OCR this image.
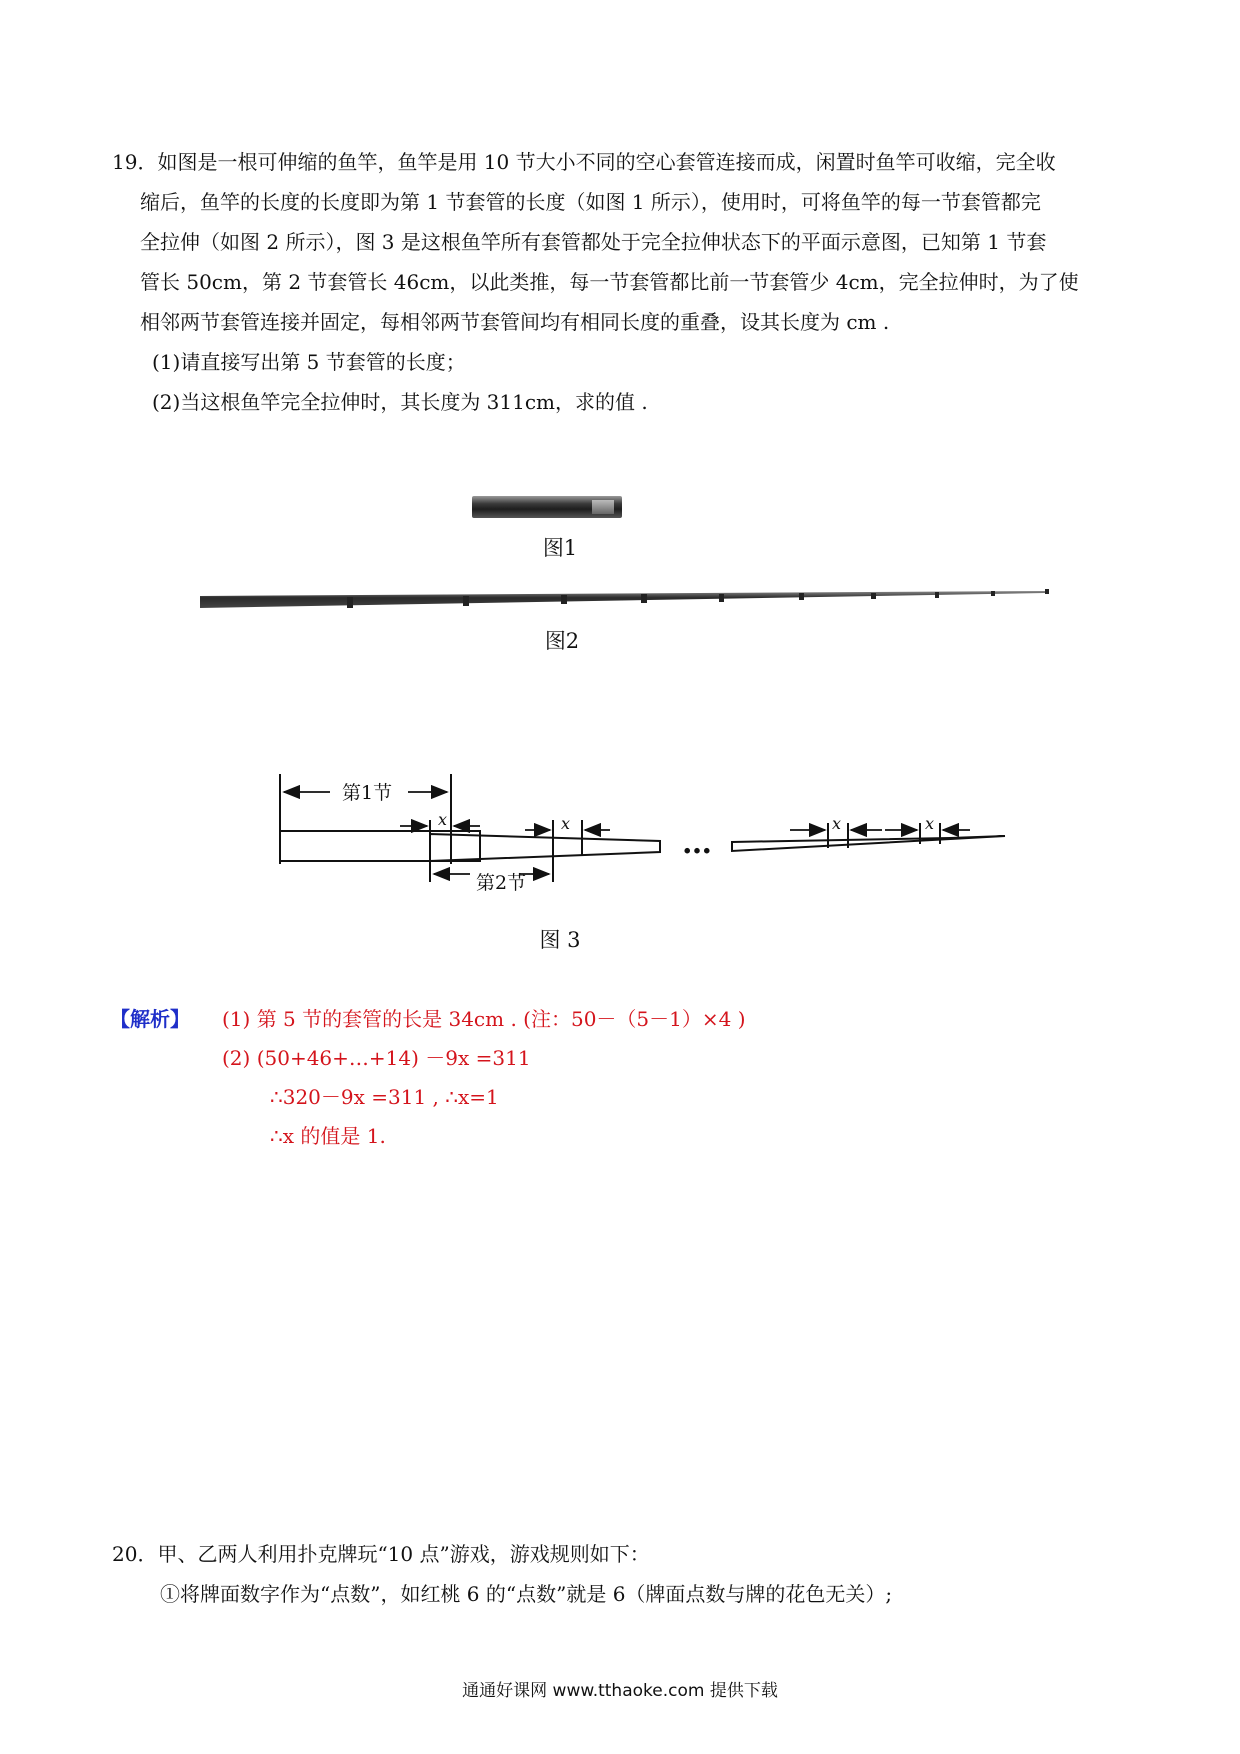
19．如图是一根可伸缩的鱼竿，鱼竿是用 10 节大小不同的空心套管连接而成，闲置时鱼竿可收缩，完全收
缩后，鱼竿的长度的长度即为第 1 节套管的长度（如图 1 所示），使用时，可将鱼竿的每一节套管都完
全拉伸（如图 2 所示），图 3 是这根鱼竿所有套管都处于完全拉伸状态下的平面示意图，已知第 1 节套
管长 50cm，第 2 节套管长 46cm，以此类推，每一节套管都比前一节套管少 4cm，完全拉伸时，为了使
相邻两节套管连接并固定，每相邻两节套管间均有相同长度的重叠，设其长度为 cm .
(1)请直接写出第 5 节套管的长度；
(2)当这根鱼竿完全拉伸时，其长度为 311cm，求的值 .
图1
图2
第1节
第2节
x	x	x	x
…
图 3
【解析】 (1) 第 5 节的套管的长是 34cm . (注：50－（5－1）×4 )
(2) (50+46+…+14) －9x =311
∴320－9x =311 , ∴x=1
∴x 的值是 1.
20．甲、乙两人利用扑克牌玩“10 点”游戏，游戏规则如下：
①将牌面数字作为“点数”，如红桃 6 的“点数”就是 6（牌面点数与牌的花色无关）;
通通好课网 www.tthaoke.com 提供下载
